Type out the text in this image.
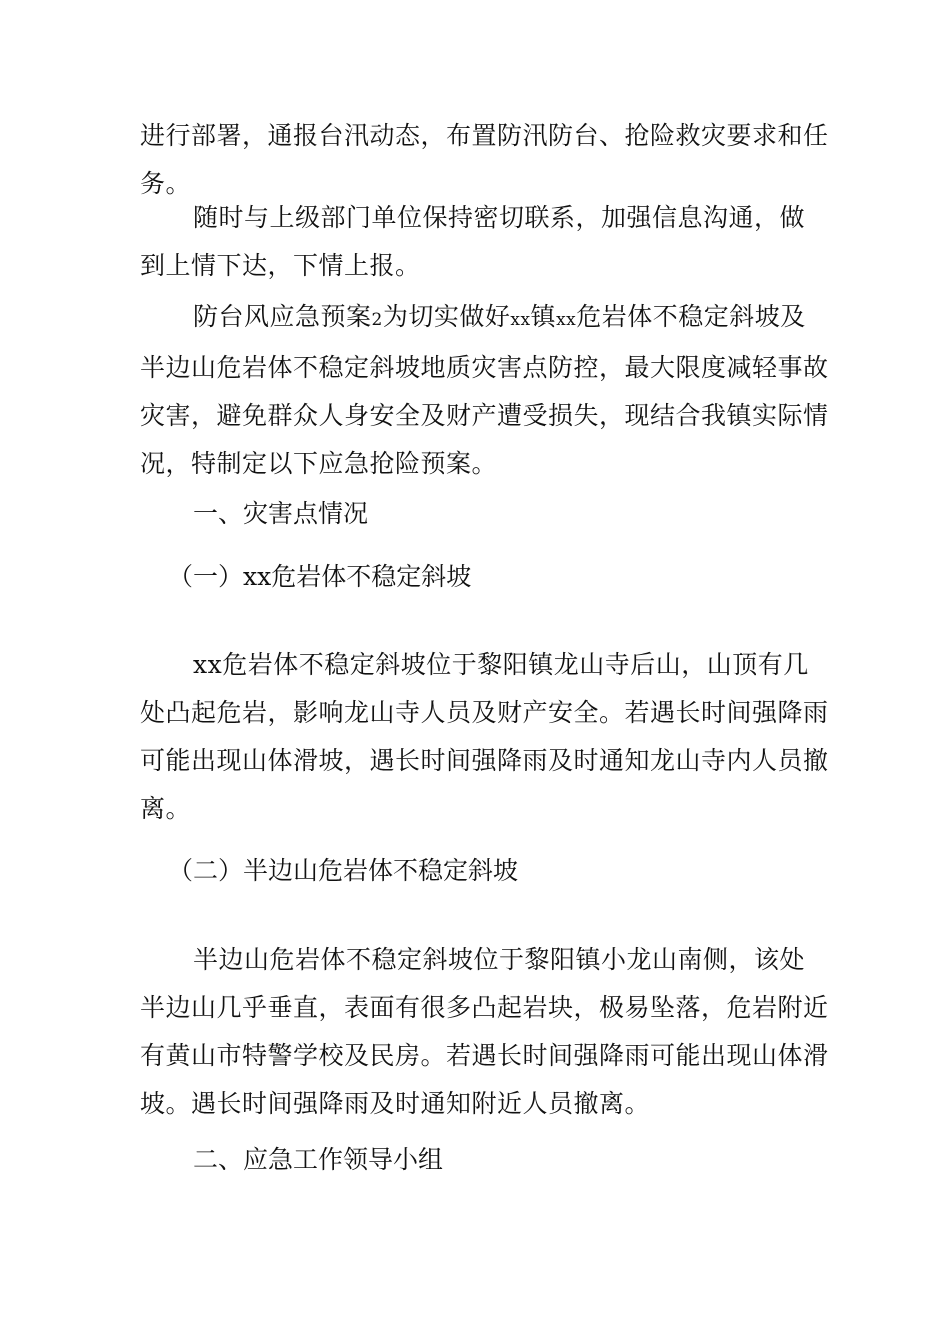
进行部署，通报台汛动态，布置防汛防台、抢险救灾要求和任务。

随时与上级部门单位保持密切联系，加强信息沟通，做到上情下达，下情上报。

防台风应急预案2为切实做好xx镇xx危岩体不稳定斜坡及半边山危岩体不稳定斜坡地质灾害点防控，最大限度减轻事故灾害，避免群众人身安全及财产遭受损失，现结合我镇实际情况，特制定以下应急抢险预案。

一、灾害点情况

（一）xx危岩体不稳定斜坡

xx危岩体不稳定斜坡位于黎阳镇龙山寺后山，山顶有几处凸起危岩，影响龙山寺人员及财产安全。若遇长时间强降雨可能出现山体滑坡，遇长时间强降雨及时通知龙山寺内人员撤离。

（二）半边山危岩体不稳定斜坡

半边山危岩体不稳定斜坡位于黎阳镇小龙山南侧，该处半边山几乎垂直，表面有很多凸起岩块，极易坠落，危岩附近有黄山市特警学校及民房。若遇长时间强降雨可能出现山体滑坡。遇长时间强降雨及时通知附近人员撤离。

二、应急工作领导小组
